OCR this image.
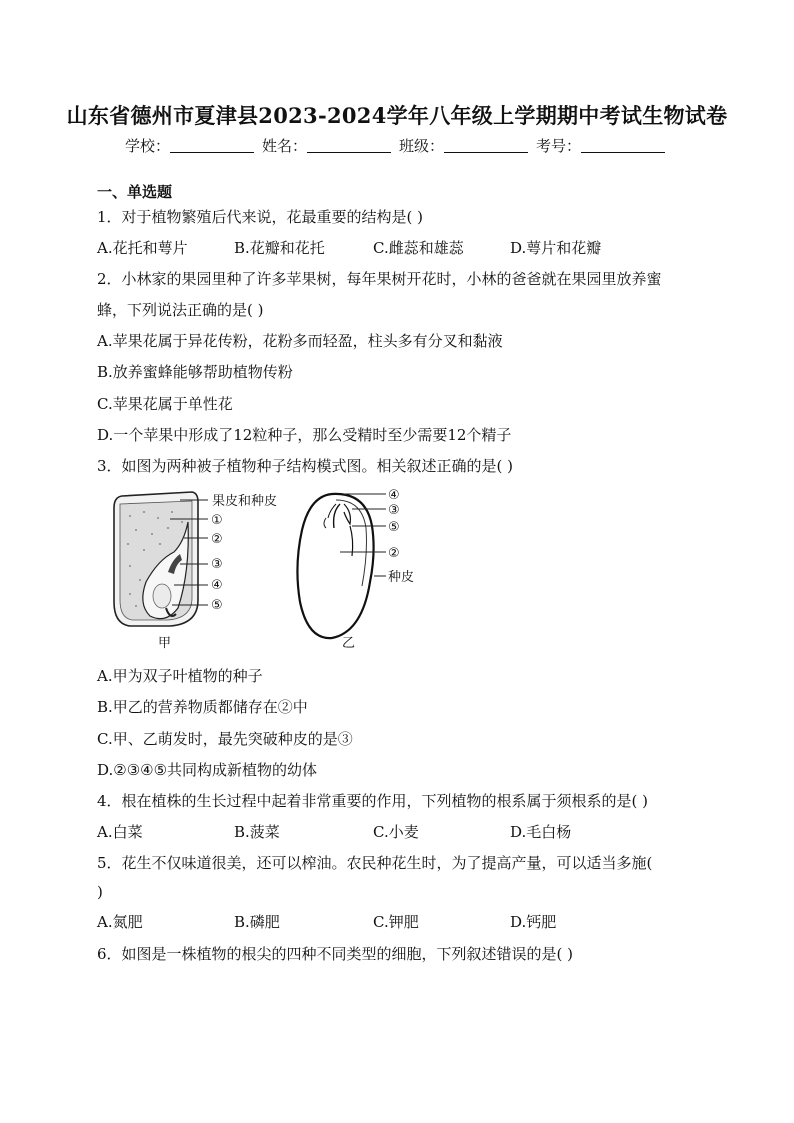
山东省德州市夏津县2023-2024学年八年级上学期期中考试生物试卷
学校：	姓名：	班级：	考号：
一、单选题
1．对于植物繁殖后代来说，花最重要的结构是( )
A.花托和萼片	B.花瓣和花托	C.雌蕊和雄蕊	D.萼片和花瓣
2．小林家的果园里种了许多苹果树，每年果树开花时，小林的爸爸就在果园里放养蜜
蜂，下列说法正确的是( )
A.苹果花属于异花传粉，花粉多而轻盈，柱头多有分叉和黏液
B.放养蜜蜂能够帮助植物传粉
C.苹果花属于单性花
D.一个苹果中形成了12粒种子，那么受精时至少需要12个精子
3．如图为两种被子植物种子结构模式图。相关叙述正确的是( )
果皮和种皮
①
②
③
④
⑤
甲
④
③
⑤
②
种皮
乙
A.甲为双子叶植物的种子
B.甲乙的营养物质都储存在②中
C.甲、乙萌发时，最先突破种皮的是③
D.②③④⑤共同构成新植物的幼体
4．根在植株的生长过程中起着非常重要的作用，下列植物的根系属于须根系的是( )
A.白菜	B.菠菜	C.小麦	D.毛白杨
5．花生不仅味道很美，还可以榨油。农民种花生时，为了提高产量，可以适当多施(
)
A.氮肥	B.磷肥	C.钾肥	D.钙肥
6．如图是一株植物的根尖的四种不同类型的细胞，下列叙述错误的是( )
